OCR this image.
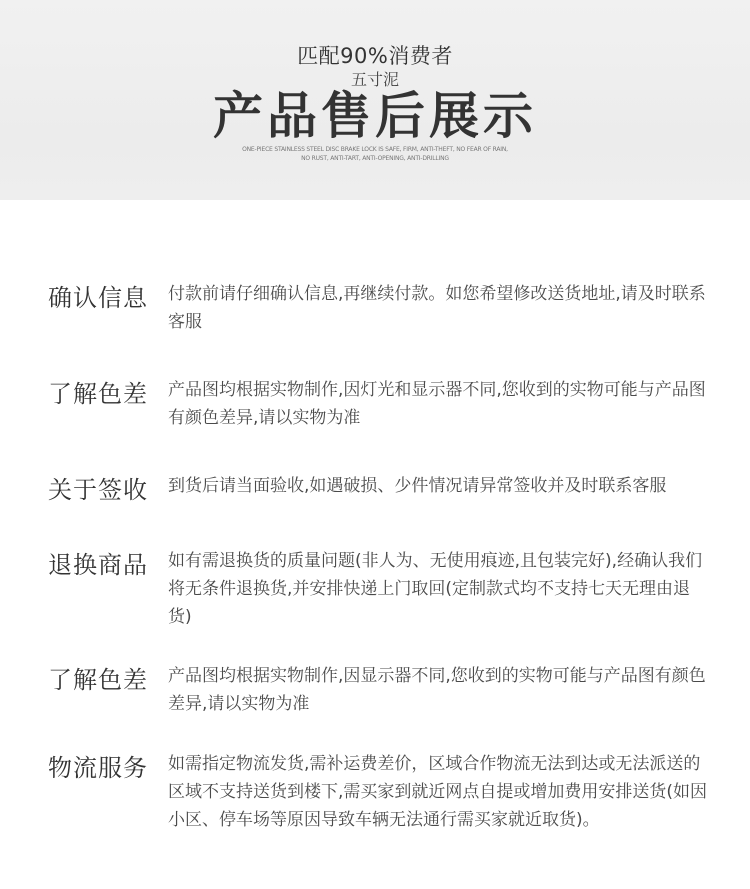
匹配90%消费者
五寸泥
产品售后展示
ONE-PIECE STAINLESS STEEL DISC BRAKE LOCK IS SAFE, FIRM, ANTI-THEFT, NO FEAR OF RAIN,
NO RUST, ANTI-TART, ANTI-OPENING, ANTI-DRILLING
确认信息 付款前请仔细确认信息,再继续付款。如您希望修改送货地址,请及时联系客服
了解色差 产品图均根据实物制作,因灯光和显示器不同,您收到的实物可能与产品图有颜色差异,请以实物为准
关于签收 到货后请当面验收,如遇破损、少件情况请异常签收并及时联系客服
退换商品 如有需退换货的质量问题(非人为、无使用痕迹,且包装完好),经确认我们将无条件退换货,并安排快递上门取回(定制款式均不支持七天无理由退货)
了解色差 产品图均根据实物制作,因显示器不同,您收到的实物可能与产品图有颜色差异,请以实物为准
物流服务 如需指定物流发货,需补运费差价，区域合作物流无法到达或无法派送的区域不支持送货到楼下,需买家到就近网点自提或增加费用安排送货(如因小区、停车场等原因导致车辆无法通行需买家就近取货)。
